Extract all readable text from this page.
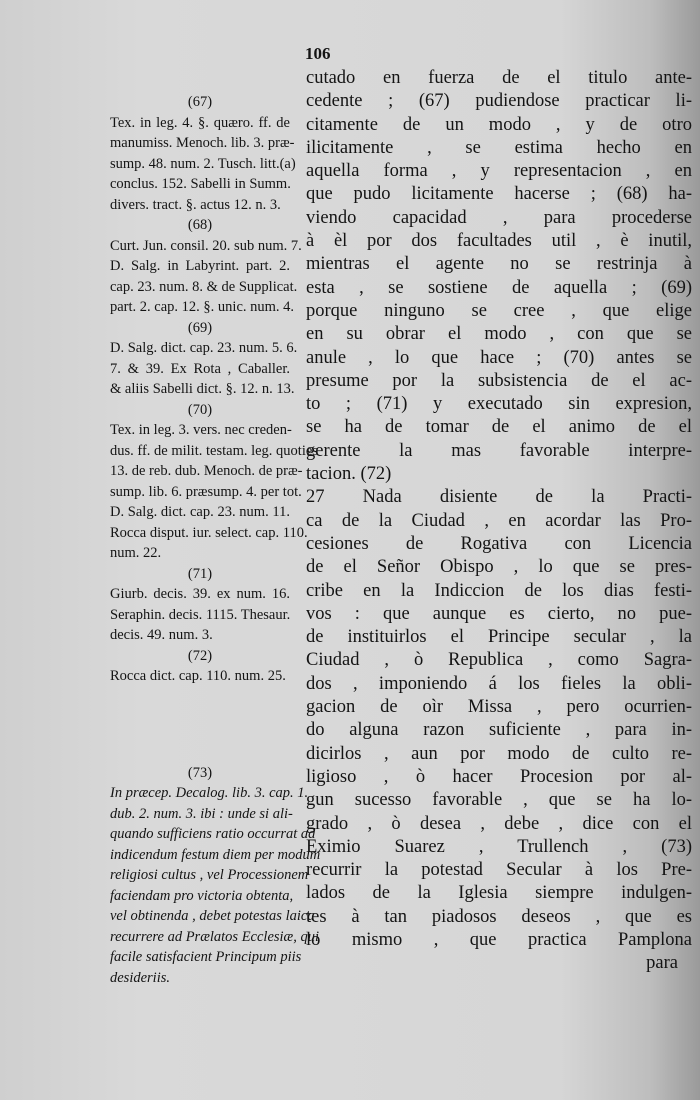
106
(67)
Tex. in leg. 4. §. quæro. ff. de
manumiss. Menoch. lib. 3. præ-
sump. 48. num. 2. Tusch. litt.(a)
conclus. 152. Sabelli in Summ.
divers. tract. §. actus 12. n. 3.
(68)
Curt. Jun. consil. 20. sub num. 7.
D. Salg. in Labyrint. part. 2.
cap. 23. num. 8. & de Supplicat.
part. 2. cap. 12. §. unic. num. 4.
(69)
D. Salg. dict. cap. 23. num. 5. 6.
7. & 39. Ex Rota , Caballer.
& aliis Sabelli dict. §. 12. n. 13.
(70)
Tex. in leg. 3. vers. nec creden-
dus. ff. de milit. testam. leg. quoties
13. de reb. dub. Menoch. de præ-
sump. lib. 6. præsump. 4. per tot.
D. Salg. dict. cap. 23. num. 11.
Rocca disput. iur. select. cap. 110.
num. 22.
(71)
Giurb. decis. 39. ex num. 16.
Seraphin. decis. 1115. Thesaur.
decis. 49. num. 3.
(72)
Rocca dict. cap. 110. num. 25.
(73)
In præcep. Decalog. lib. 3. cap. 1.
dub. 2. num. 3. ibi : unde si ali-
quando sufficiens ratio occurrat ad
indicendum festum diem per modum
religiosi cultus , vel Processionem
faciendam pro victoria obtenta,
vel obtinenda , debet potestas laica
recurrere ad Prælatos Ecclesiæ, qui
facile satisfacient Principum piis
desideriis.
cutado en fuerza de el titulo ante-
cedente ; (67) pudiendose practicar li-
citamente de un modo , y de otro
ilicitamente , se estima hecho en
aquella forma , y representacion , en
que pudo licitamente hacerse ; (68) ha-
viendo capacidad , para procederse
à èl por dos facultades util , è inutil,
mientras el agente no se restrinja à
esta , se sostiene de aquella ; (69)
porque ninguno se cree , que elige
en su obrar el modo , con que se
anule , lo que hace ; (70) antes se
presume por la subsistencia de el ac-
to ; (71) y executado sin expresion,
se ha de tomar de el animo de el
gerente la mas favorable interpre-
tacion. (72)
27 Nada disiente de la Practi-
ca de la Ciudad , en acordar las Pro-
cesiones de Rogativa con Licencia
de el Señor Obispo , lo que se pres-
cribe en la Indiccion de los dias festi-
vos : que aunque es cierto, no pue-
de instituirlos el Principe secular , la
Ciudad , ò Republica , como Sagra-
dos , imponiendo á los fieles la obli-
gacion de oìr Missa , pero ocurrien-
do alguna razon suficiente , para in-
dicirlos , aun por modo de culto re-
ligioso , ò hacer Procesion por al-
gun sucesso favorable , que se ha lo-
grado , ò desea , debe , dice con el
Eximio Suarez , Trullench , (73)
recurrir la potestad Secular à los Pre-
lados de la Iglesia siempre indulgen-
tes à tan piadosos deseos , que es
lo mismo , que practica Pamplona
para
